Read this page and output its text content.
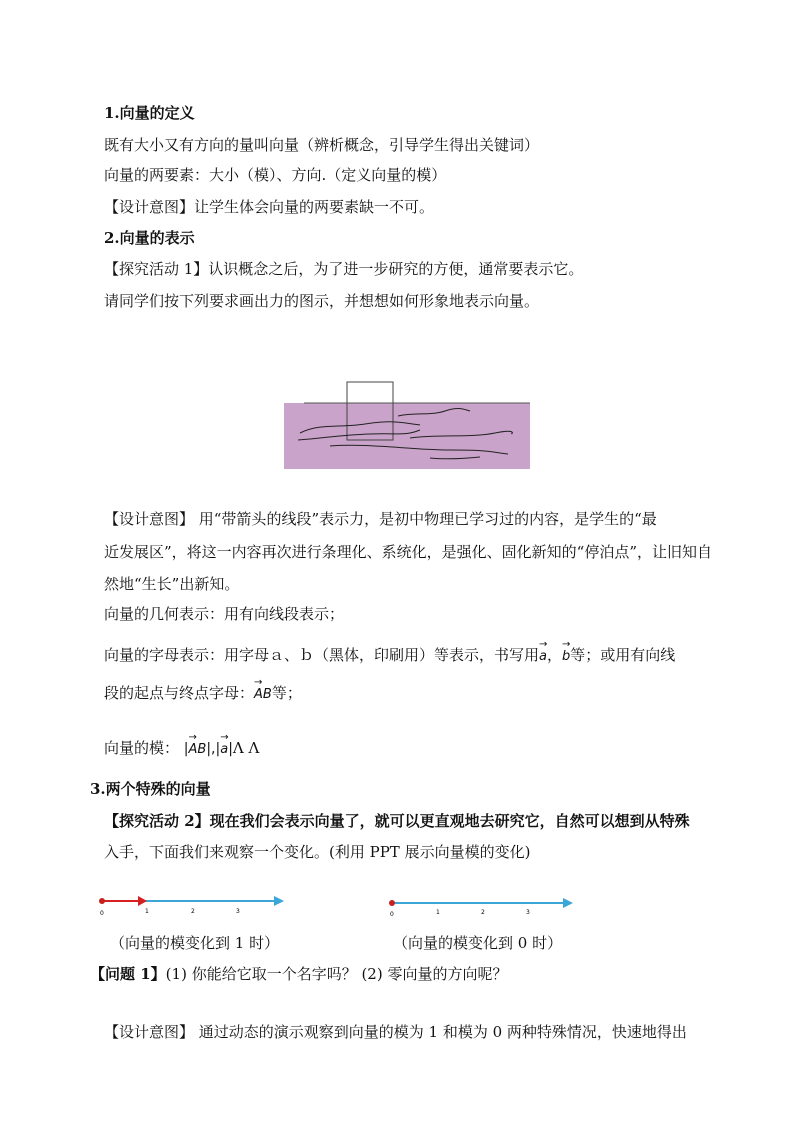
1.向量的定义
既有大小又有方向的量叫向量（辨析概念，引导学生得出关键词）
向量的两要素：大小（模）、方向.（定义向量的模）
【设计意图】让学生体会向量的两要素缺一不可。
2.向量的表示
【探究活动 1】认识概念之后，为了进一步研究的方便，通常要表示它。
请同学们按下列要求画出力的图示，并想想如何形象地表示向量。
【设计意图】 用“带箭头的线段”表示力，是初中物理已学习过的内容，是学生的“最
近发展区”，将这一内容再次进行条理化、系统化，是强化、固化新知的“停泊点”，让旧知自
然地“生长”出新知。
向量的几何表示：用有向线段表示；
向量的字母表示：用字母ａ、ｂ（黑体，印刷用）等表示，书写用→ a，→ b等；或用有向线
段的起点与终点字母：→ AB等；
向量的模： |→ AB|,|→ a|Λ Λ
3.两个特殊的向量
【探究活动 2】现在我们会表示向量了，就可以更直观地去研究它，自然可以想到从特殊
入手，下面我们来观察一个变化。(利用 PPT 展示向量模的变化)
0	1	2	3	0	1	2	3
（向量的模变化到 1 时）	（向量的模变化到 0 时）
【问题 1】(1) 你能给它取一个名字吗？ (2) 零向量的方向呢？
【设计意图】 通过动态的演示观察到向量的模为 1 和模为 0 两种特殊情况，快速地得出
